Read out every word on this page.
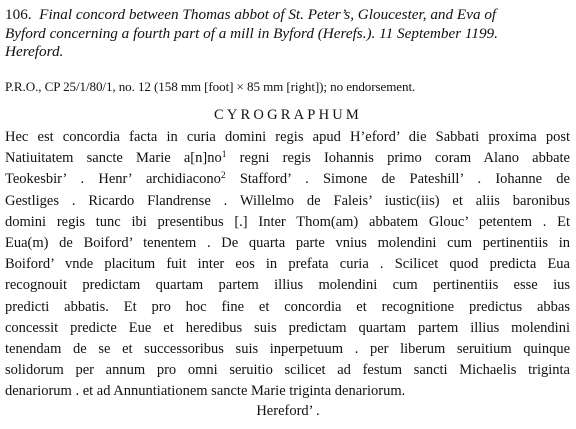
106. Final concord between Thomas abbot of St. Peter’s, Gloucester, and Eva of
Byford concerning a fourth part of a mill in Byford (Herefs.). 11 September 1199.
Hereford.
P.R.O., CP 25/1/80/1, no. 12 (158 mm [foot] × 85 mm [right]); no endorsement.
CYROGRAPHUM
Hec est concordia facta in curia domini regis apud H’eford’ die Sabbati proxima post
Natiuitatem sancte Marie $a[n]no^1$ regni regis Iohannis primo coram Alano abbate
Teokesbir’ . Henr’ archidiacono$^2$ Stafford’ . Simone de Pateshill’ . Iohanne de
Gestliges . Ricardo Flandrense . Willelmo de Faleis’ iustic(iis) et aliis baronibus
domini regis tunc ibi presentibus [.] Inter Thom(am) abbatem Glouc’ petentem . Et
Eua(m) de Boiford’ tenentem . De quarta parte vnius molendini cum pertinentiis in
Boiford’ vnde placitum fuit inter eos in prefata curia . Scilicet quod predicta Eua
recognouit predictam quartam partem illius molendini cum pertinentiis esse ius
predicti abbatis. Et pro hoc fine et concordia et recognitione predictus abbas
concessit predicte Eue et heredibus suis predictam quartam partem illius molendini
tenendam de se et successoribus suis inperpetuum . per liberum seruitium quinque
solidorum per annum pro omni seruitio scilicet ad festum sancti Michaelis triginta
denariorum . et ad Annuntiationem sancte Marie triginta denariorum.
Hereford’ .
